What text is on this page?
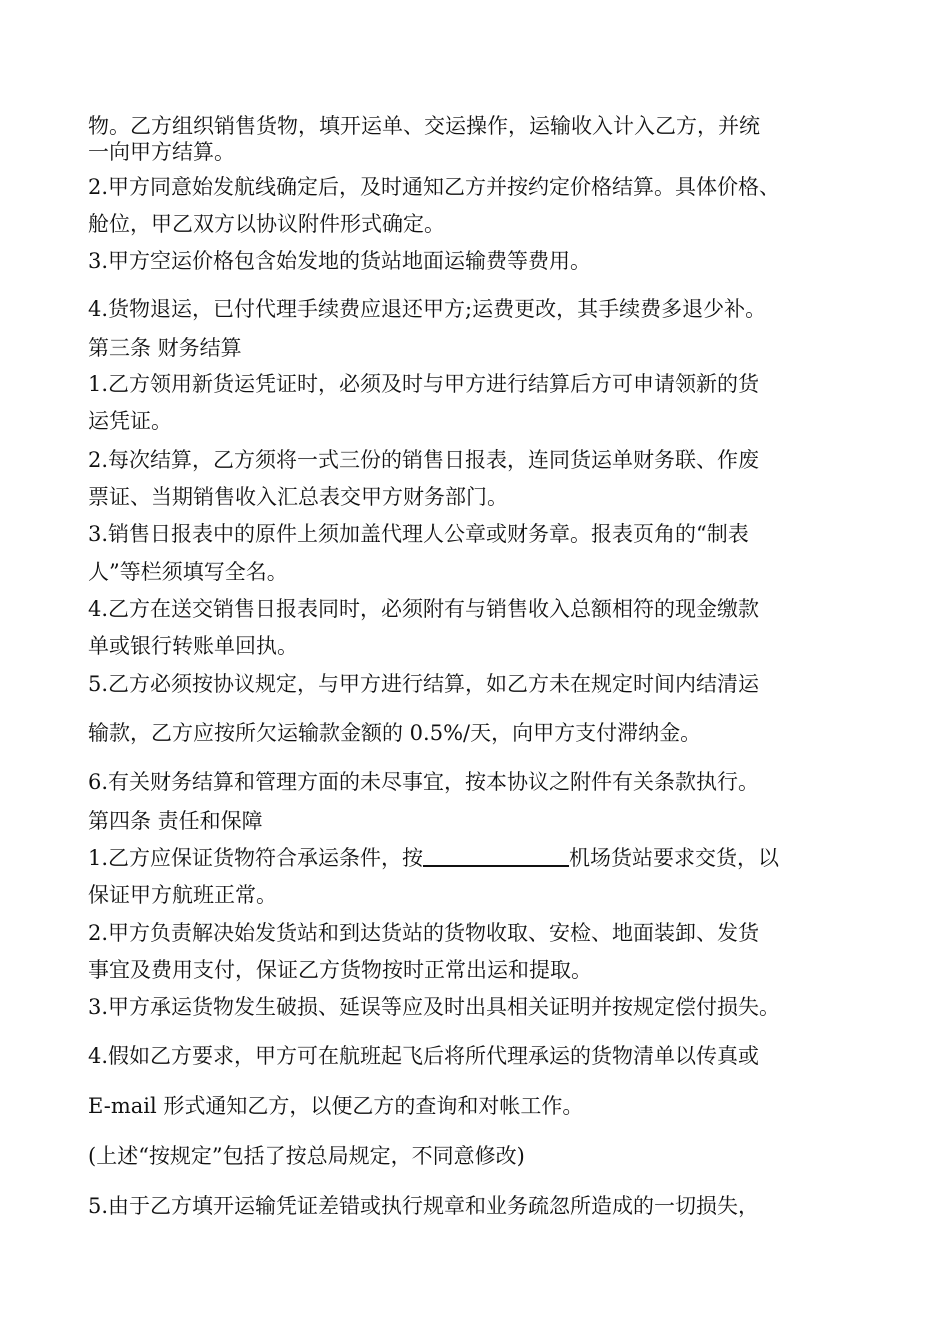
物。乙方组织销售货物，填开运单、交运操作，运输收入计入乙方，并统
一向甲方结算。
2.甲方同意始发航线确定后，及时通知乙方并按约定价格结算。具体价格、
舱位，甲乙双方以协议附件形式确定。
3.甲方空运价格包含始发地的货站地面运输费等费用。
4.货物退运，已付代理手续费应退还甲方;运费更改，其手续费多退少补。
第三条 财务结算
1.乙方领用新货运凭证时，必须及时与甲方进行结算后方可申请领新的货
运凭证。
2.每次结算，乙方须将一式三份的销售日报表，连同货运单财务联、作废
票证、当期销售收入汇总表交甲方财务部门。
3.销售日报表中的原件上须加盖代理人公章或财务章。报表页角的“制表
人”等栏须填写全名。
4.乙方在送交销售日报表同时，必须附有与销售收入总额相符的现金缴款
单或银行转账单回执。
5.乙方必须按协议规定，与甲方进行结算，如乙方未在规定时间内结清运
输款，乙方应按所欠运输款金额的 0.5%/天，向甲方支付滞纳金。
6.有关财务结算和管理方面的未尽事宜，按本协议之附件有关条款执行。
第四条 责任和保障
1.乙方应保证货物符合承运条件，按	机场货站要求交货，以
保证甲方航班正常。
2.甲方负责解决始发货站和到达货站的货物收取、安检、地面装卸、发货
事宜及费用支付，保证乙方货物按时正常出运和提取。
3.甲方承运货物发生破损、延误等应及时出具相关证明并按规定偿付损失。
4.假如乙方要求，甲方可在航班起飞后将所代理承运的货物清单以传真或
E-mail 形式通知乙方，以便乙方的查询和对帐工作。
(上述“按规定”包括了按总局规定，不同意修改)
5.由于乙方填开运输凭证差错或执行规章和业务疏忽所造成的一切损失，
